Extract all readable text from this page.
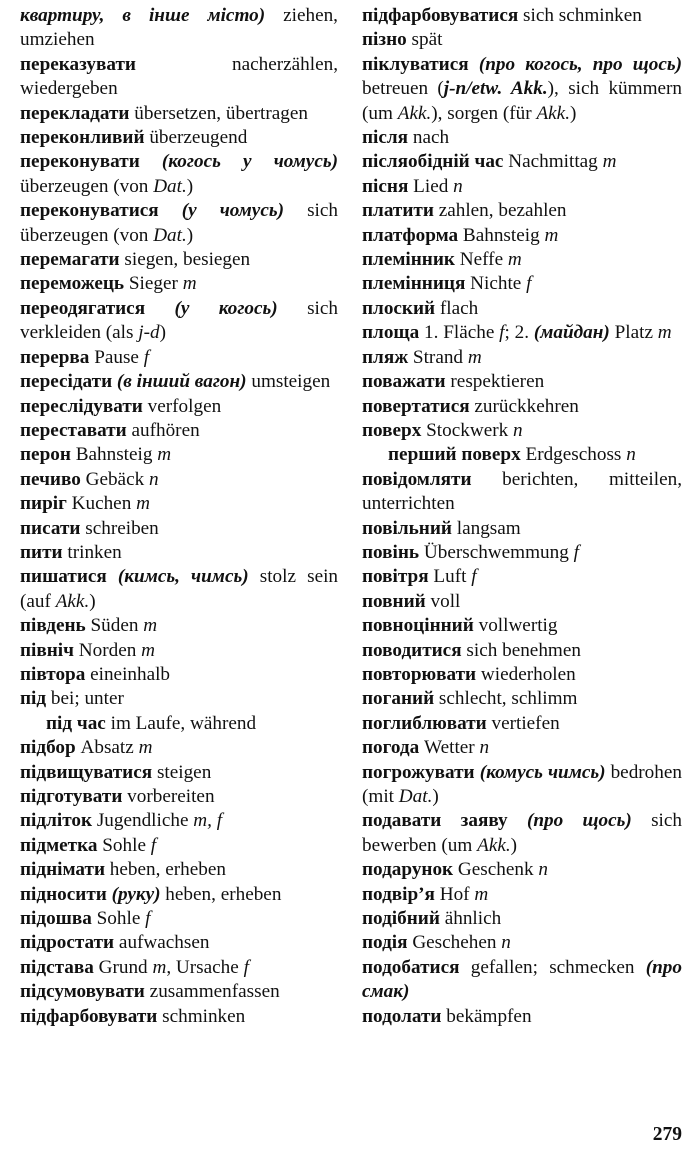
квартиру, в інше місто) ziehen, umziehen

переказувати nacherzählen, wiedergeben

перекладати übersetzen, übertragen

переконливий überzeugend

переконувати (когось у чомусь) überzeugen (von Dat.)

переконуватися (у чомусь) sich überzeugen (von Dat.)

перемагати siegen, besiegen

переможець Sieger m

переодягатися (у когось) sich verkleiden (als j-d)

перерва Pause f

пересідати (в інший вагон) umsteigen

переслідувати verfolgen

переставати aufhören

перон Bahnsteig m

печиво Gebäck n

пиріг Kuchen m

писати schreiben

пити trinken

пишатися (кимсь, чимсь) stolz sein (auf Akk.)

південь Süden m

північ Norden m

півтора eineinhalb

під bei; unter

під час im Laufe, während

підбор Absatz m

підвищуватися steigen

підготувати vorbereiten

підліток Jugendliche m, f

підметка Sohle f

піднімати heben, erheben

підносити (руку) heben, erheben

підошва Sohle f

підростати aufwachsen

підстава Grund m, Ursache f

підсумовувати zusammenfassen

підфарбовувати schminken

підфарбовуватися sich schminken

пізно spät

піклуватися (про когось, про щось) betreuen (j-n/etw. Akk.), sich kümmern (um Akk.), sorgen (für Akk.)

після nach

післяобідній час Nachmittag m

пісня Lied n

платити zahlen, bezahlen

платформа Bahnsteig m

племінник Neffe m

племінниця Nichte f

плоский flach

площа 1. Fläche f; 2. (майдан) Platz m

пляж Strand m

поважати respektieren

повертатися zurückkehren

поверх Stockwerk n

перший поверх Erdgeschoss n

повідомляти berichten, mitteilen, unterrichten

повільний langsam

повінь Überschwemmung f

повітря Luft f

повний voll

повноцінний vollwertig

поводитися sich benehmen

повторювати wiederholen

поганий schlecht, schlimm

поглиблювати vertiefen

погода Wetter n

погрожувати (комусь чимсь) bedrohen (mit Dat.)

подавати заяву (про щось) sich bewerben (um Akk.)

подарунок Geschenk n

подвір’я Hof m

подібний ähnlich

подія Geschehen n

подобатися gefallen; schmecken (про смак)

подолати bekämpfen

279
